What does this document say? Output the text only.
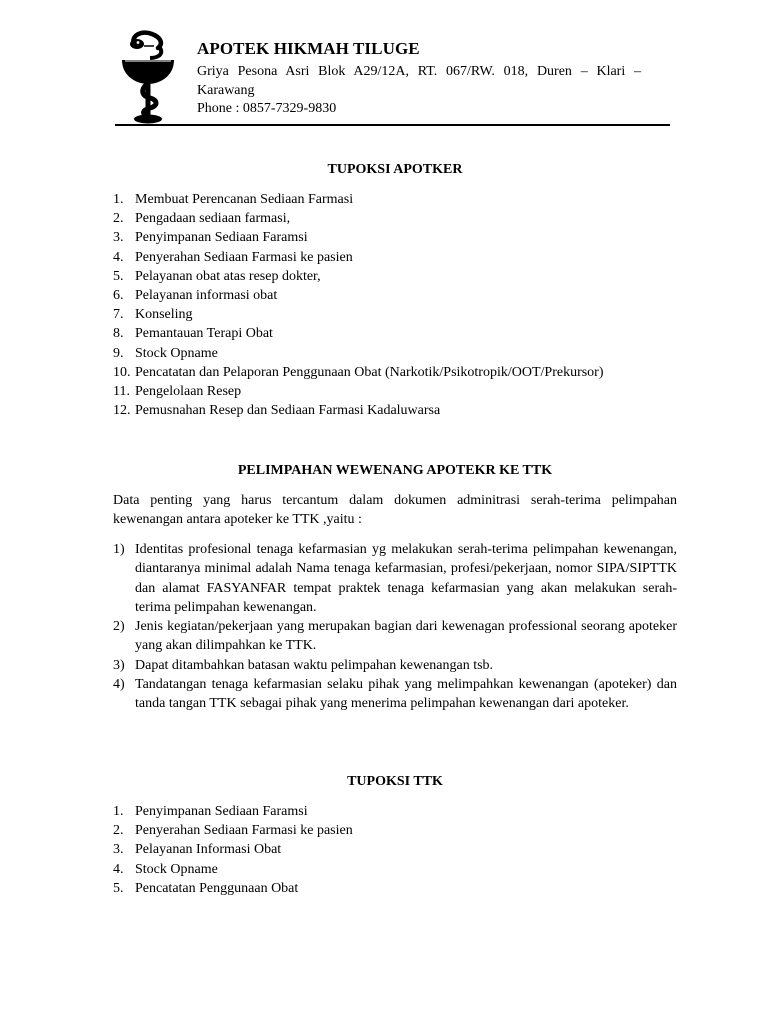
APOTEK HIKMAH TILUGE
Griya Pesona Asri Blok A29/12A, RT. 067/RW. 018, Duren – Klari – Karawang
Phone : 0857-7329-9830
TUPOKSI APOTKER
1. Membuat Perencanan Sediaan Farmasi
2. Pengadaan sediaan farmasi,
3. Penyimpanan Sediaan Faramsi
4. Penyerahan Sediaan Farmasi ke pasien
5. Pelayanan obat atas resep dokter,
6. Pelayanan informasi obat
7. Konseling
8. Pemantauan Terapi Obat
9. Stock Opname
10. Pencatatan dan Pelaporan Penggunaan Obat (Narkotik/Psikotropik/OOT/Prekursor)
11. Pengelolaan Resep
12. Pemusnahan Resep dan Sediaan Farmasi Kadaluwarsa
PELIMPAHAN WEWENANG APOTEKR KE TTK
Data penting yang harus tercantum dalam dokumen adminitrasi serah-terima pelimpahan kewenangan antara apoteker ke TTK ,yaitu :
1) Identitas profesional tenaga kefarmasian yg melakukan serah-terima pelimpahan kewenangan, diantaranya minimal adalah Nama tenaga kefarmasian, profesi/pekerjaan, nomor SIPA/SIPTTK dan alamat FASYANFAR tempat praktek tenaga kefarmasian yang akan melakukan serah-terima pelimpahan kewenangan.
2) Jenis kegiatan/pekerjaan yang merupakan bagian dari kewenagan professional seorang apoteker yang akan dilimpahkan ke TTK.
3) Dapat ditambahkan batasan waktu pelimpahan kewenangan tsb.
4) Tandatangan tenaga kefarmasian selaku pihak yang melimpahkan kewenangan (apoteker) dan tanda tangan TTK sebagai pihak yang menerima pelimpahan kewenangan dari apoteker.
TUPOKSI TTK
1. Penyimpanan Sediaan Faramsi
2. Penyerahan Sediaan Farmasi ke pasien
3. Pelayanan Informasi Obat
4. Stock Opname
5. Pencatatan Penggunaan Obat
